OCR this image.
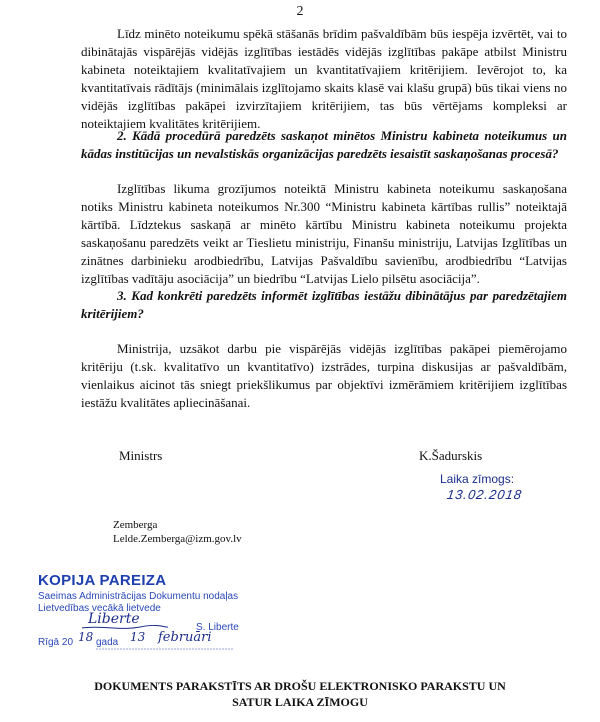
2

Līdz minēto noteikumu spēkā stāšanās brīdim pašvaldībām būs iespēja izvērtēt, vai to dibinātajās vispārējās vidējās izglītības iestādēs vidējās izglītības pakāpe atbilst Ministru kabineta noteiktajiem kvalitatīvajiem un kvantitatīvajiem kritērijiem. Ievērojot to, ka kvantitatīvais rādītājs (minimālais izglītojamo skaits klasē vai klašu grupā) būs tikai viens no vidējās izglītības pakāpei izvirzītajiem kritērijiem, tas būs vērtējams kompleksi ar noteiktajiem kvalitātes kritērijiem.

2. Kādā procedūrā paredzēts saskaņot minētos Ministru kabineta noteikumus un kādas institūcijas un nevalstiskās organizācijas paredzēts iesaistīt saskaņošanas procesā?

Izglītības likuma grozījumos noteiktā Ministru kabineta noteikumu saskaņošana notiks Ministru kabineta noteikumos Nr.300 “Ministru kabineta kārtības rullis” noteiktajā kārtībā. Līdztekus saskaņā ar minēto kārtību Ministru kabineta noteikumu projekta saskaņošanu paredzēts veikt ar Tieslietu ministriju, Finanšu ministriju, Latvijas Izglītības un zinātnes darbinieku arodbiedrību, Latvijas Pašvaldību savienību, arodbiedrību “Latvijas izglītības vadītāju asociācija” un biedrību “Latvijas Lielo pilsētu asociācija”.

3. Kad konkrēti paredzēts informēt izglītības iestāžu dibinātājus par paredzētajiem kritērijiem?

Ministrija, uzsākot darbu pie vispārējās vidējās izglītības pakāpei piemērojamo kritēriju (t.sk. kvalitatīvo un kvantitatīvo) izstrādes, turpina diskusijas ar pašvaldībām, vienlaikus aicinot tās sniegt priekšlikumus par objektīvi izmērāmiem kritērijiem izglītības iestāžu kvalitātes apliecināšanai.

Ministrs	K.Šadurskis
Laika zīmogs:
13.02.2018
Zemberga
Lelde.Zemberga@izm.gov.lv
KOPIJA PAREIZA
Saeimas Administrācijas Dokumentu nodaļas
Lietvedības vecākā lietvede
Liberte
S. Liberte
Rīgā 20 18 gada 13 februāri
DOKUMENTS PARAKSTĪTS AR DROŠU ELEKTRONISKO PARAKSTU UN
SATUR LAIKA ZĪMOGU
